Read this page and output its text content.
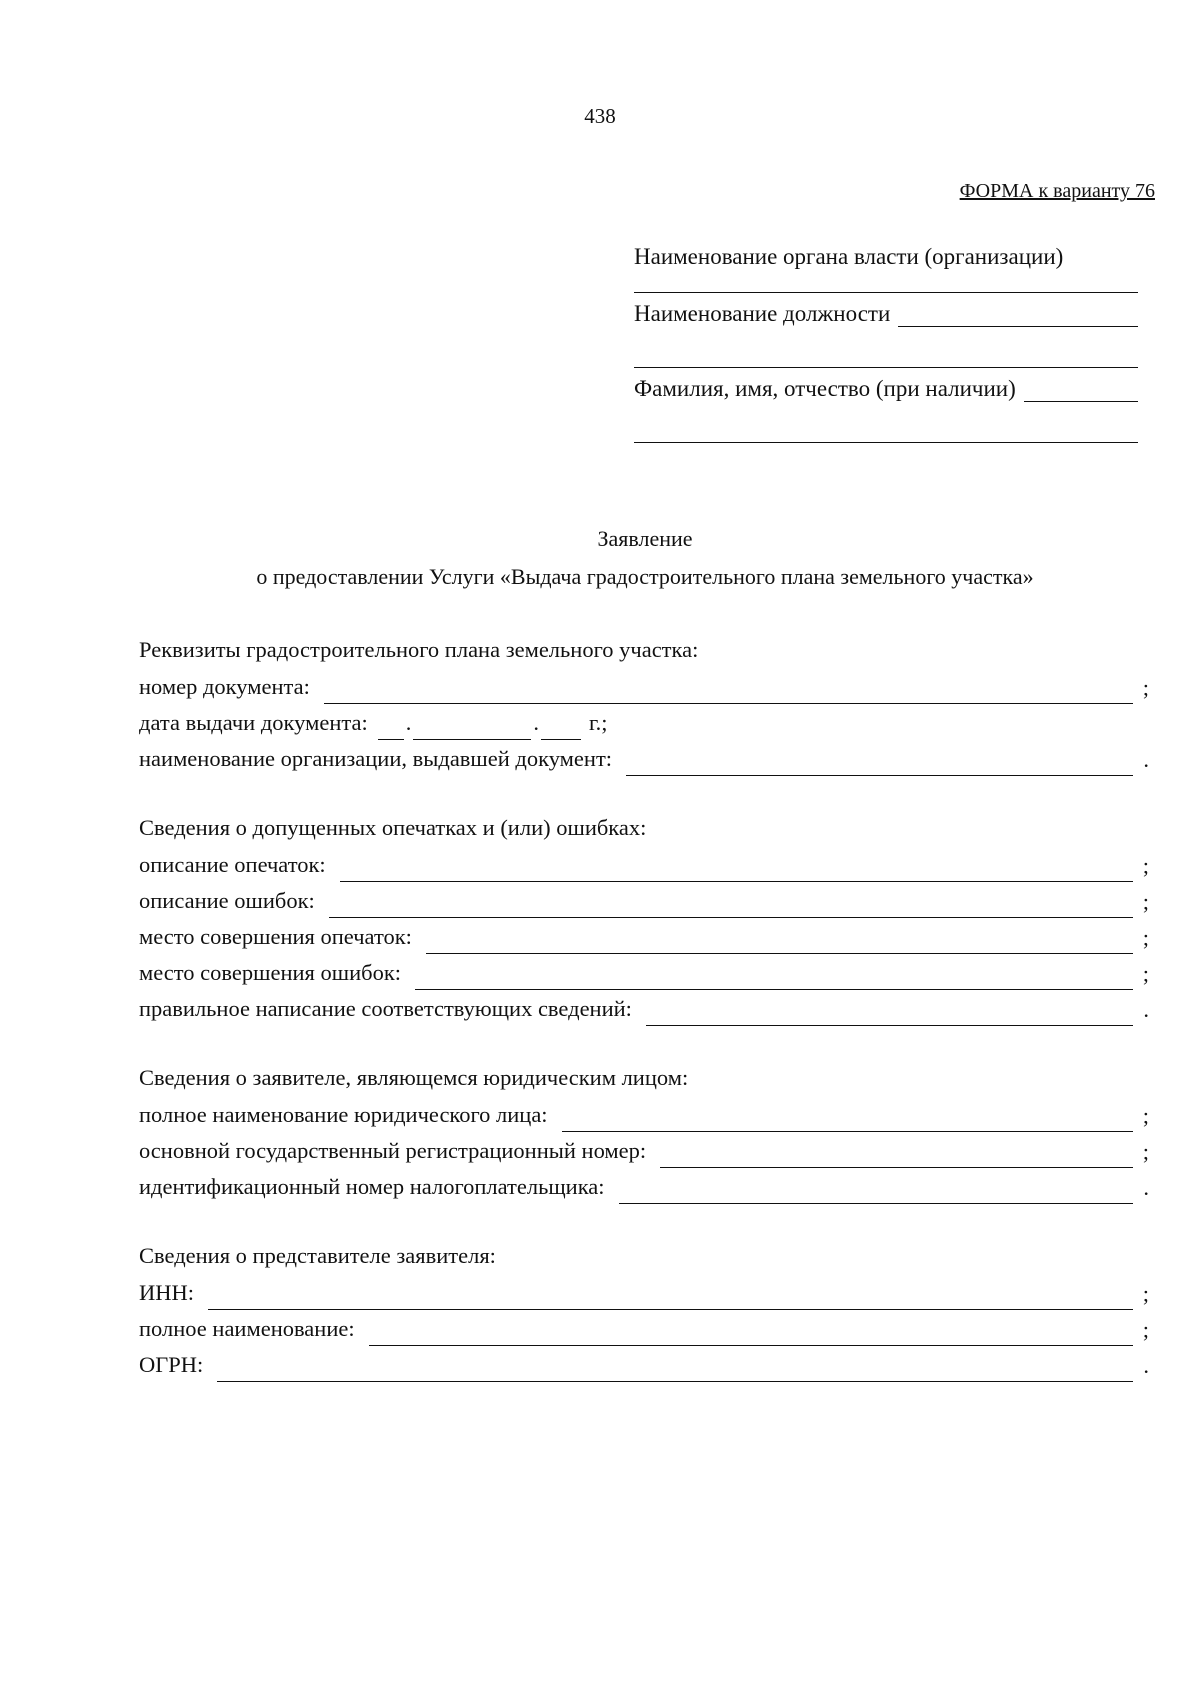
438
ФОРМА к варианту 76
Наименование органа власти (организации)
Наименование должности
Фамилия, имя, отчество (при наличии)
Заявление
о предоставлении Услуги «Выдача градостроительного плана земельного участка»
Реквизиты градостроительного плана земельного участка:
номер документа:	;
дата выдачи документа: .	. г.;
наименование организации, выдавшей документ:	.
Сведения о допущенных опечатках и (или) ошибках:
описание опечаток:	;
описание ошибок:	;
место совершения опечаток:	;
место совершения ошибок:	;
правильное написание соответствующих сведений:	.
Сведения о заявителе, являющемся юридическим лицом:
полное наименование юридического лица:	;
основной государственный регистрационный номер:	;
идентификационный номер налогоплательщика:	.
Сведения о представителе заявителя:
ИНН:	;
полное наименование:	;
ОГРН:	.
